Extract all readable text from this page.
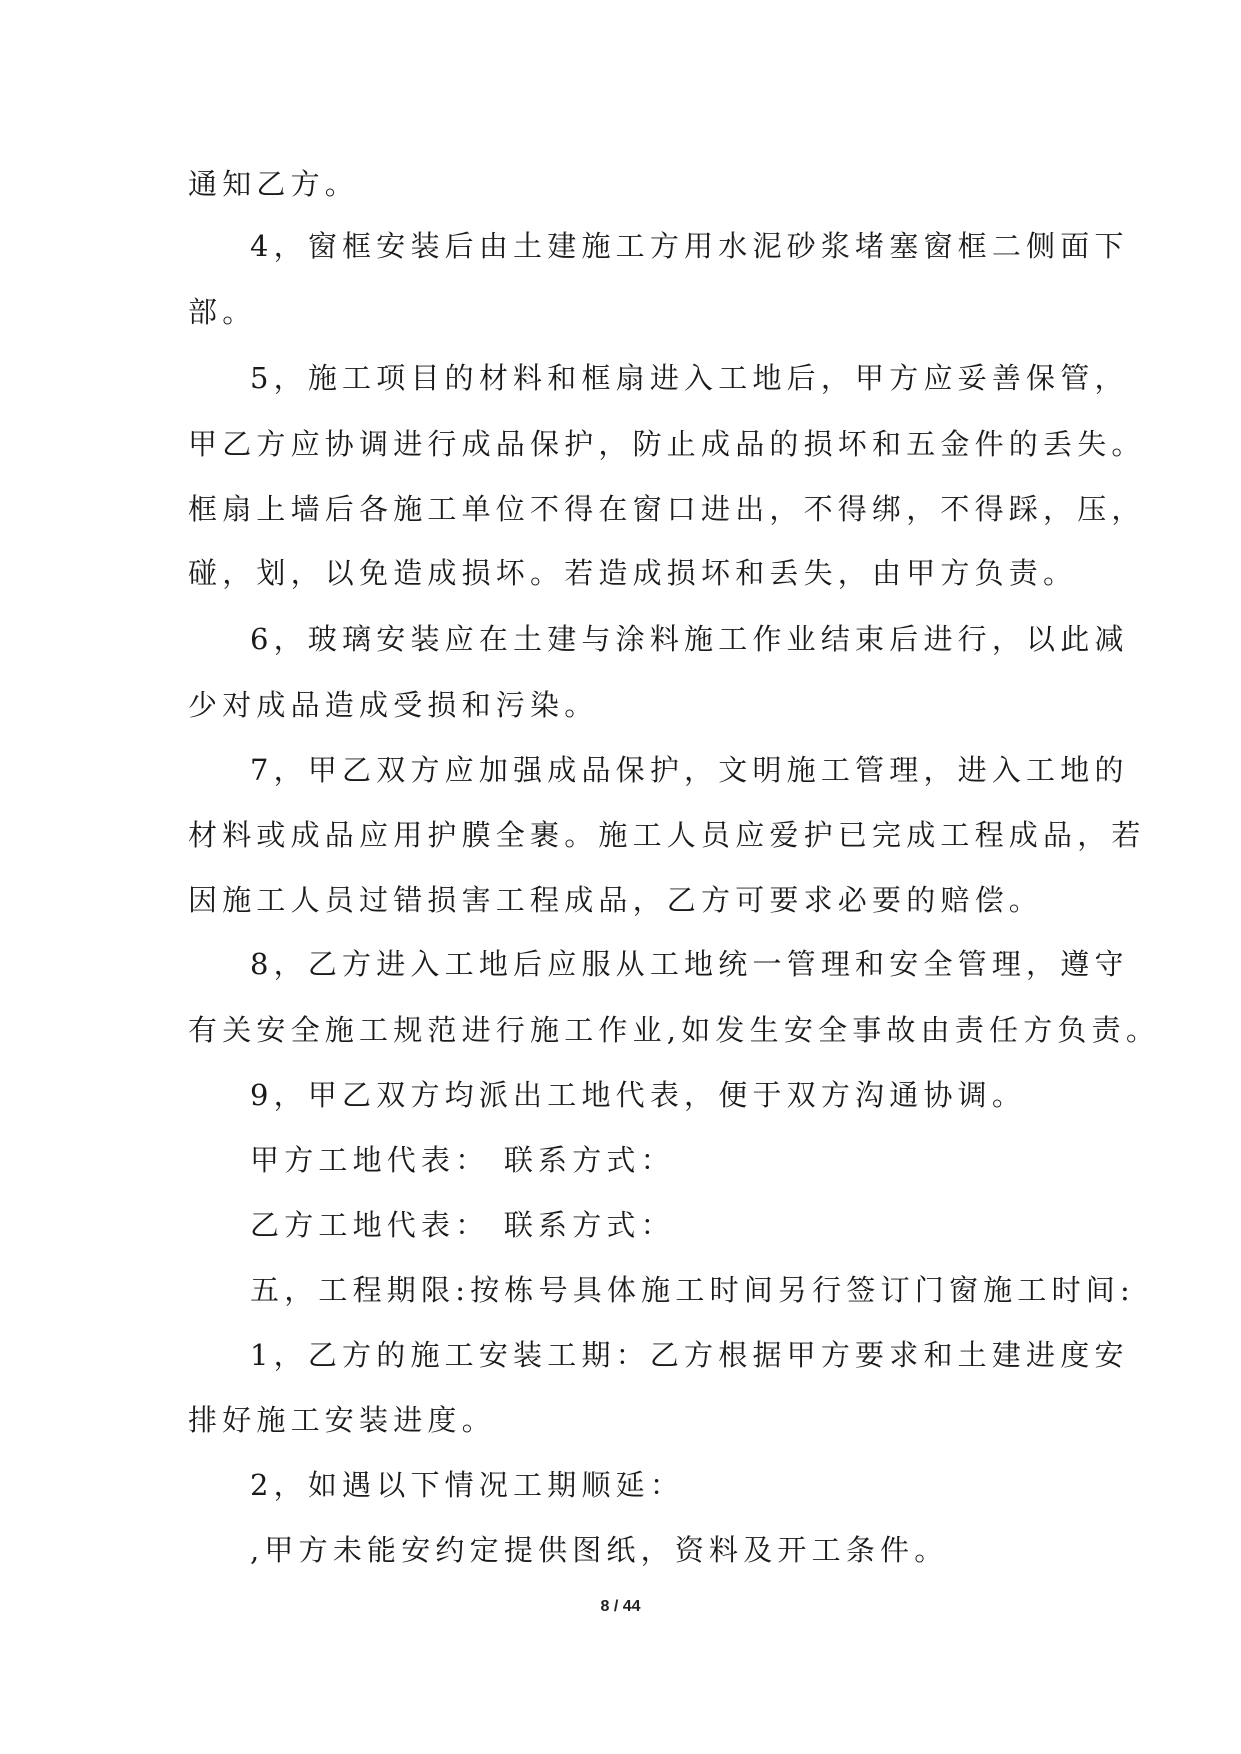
通知乙方。
4，窗框安装后由土建施工方用水泥砂浆堵塞窗框二侧面下
部。
5，施工项目的材料和框扇进入工地后，甲方应妥善保管，
甲乙方应协调进行成品保护，防止成品的损坏和五金件的丢失。
框扇上墙后各施工单位不得在窗口进出，不得绑，不得踩，压，
碰，划，以免造成损坏。若造成损坏和丢失，由甲方负责。
6，玻璃安装应在土建与涂料施工作业结束后进行，以此减
少对成品造成受损和污染。
7，甲乙双方应加强成品保护，文明施工管理，进入工地的
材料或成品应用护膜全裹。施工人员应爱护已完成工程成品，若
因施工人员过错损害工程成品，乙方可要求必要的赔偿。
8，乙方进入工地后应服从工地统一管理和安全管理，遵守
有关安全施工规范进行施工作业,如发生安全事故由责任方负责。
9，甲乙双方均派出工地代表，便于双方沟通协调。
甲方工地代表： 联系方式：
乙方工地代表： 联系方式：
五，工程期限:按栋号具体施工时间另行签订门窗施工时间:
1，乙方的施工安装工期：乙方根据甲方要求和土建进度安
排好施工安装进度。
2，如遇以下情况工期顺延：
,甲方未能安约定提供图纸，资料及开工条件。
8 / 44
